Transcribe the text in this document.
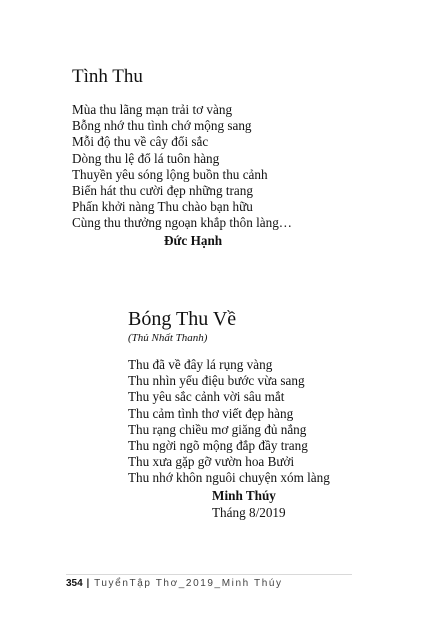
Tình Thu
Mùa thu lãng mạn trải tơ vàng
Bỗng nhớ thu tình chớ mộng sang
Mỗi độ thu về cây đổi sắc
Dòng thu lệ đổ lá tuôn hàng
Thuyền yêu sóng lộng buồn thu cảnh
Biển hát thu cười đẹp những trang
Phấn khởi nàng Thu chào bạn hữu
Cùng thu thưởng ngoạn khắp thôn làng…
Đức Hạnh
Bóng Thu Về
(Thủ Nhất Thanh)
Thu đã về đây lá rụng vàng
Thu nhìn yểu điệu bước vừa sang
Thu yêu sắc cảnh vời sâu mắt
Thu cảm tình thơ viết đẹp hàng
Thu rạng chiều mơ giăng đủ nắng
Thu ngời ngõ mộng đắp đầy trang
Thu xưa gặp gỡ vườn hoa Bưởi
Thu nhớ khôn nguôi chuyện xóm làng
Minh Thúy
Tháng 8/2019
354 | TuyểnTập Thơ_2019_Minh Thúy
